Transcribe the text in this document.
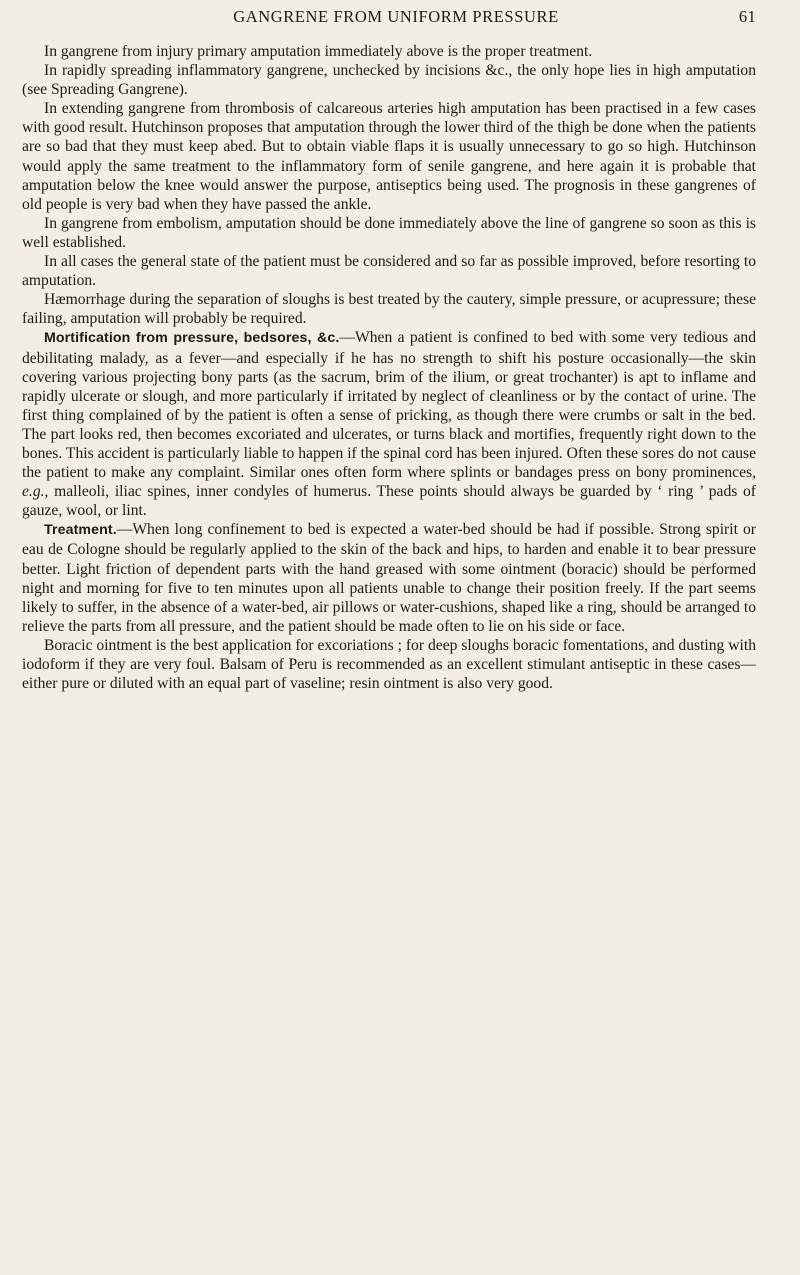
GANGRENE FROM UNIFORM PRESSURE	61

In gangrene from injury primary amputation immediately above is the proper treatment.

In rapidly spreading inflammatory gangrene, unchecked by incisions &c., the only hope lies in high amputation (see Spreading Gangrene).

In extending gangrene from thrombosis of calcareous arteries high amputation has been practised in a few cases with good result. Hutchinson proposes that amputation through the lower third of the thigh be done when the patients are so bad that they must keep abed. But to obtain viable flaps it is usually unnecessary to go so high. Hutchinson would apply the same treatment to the inflammatory form of senile gangrene, and here again it is probable that amputation below the knee would answer the purpose, antiseptics being used. The prognosis in these gangrenes of old people is very bad when they have passed the ankle.

In gangrene from embolism, amputation should be done immediately above the line of gangrene so soon as this is well established.

In all cases the general state of the patient must be considered and so far as possible improved, before resorting to amputation.

Hæmorrhage during the separation of sloughs is best treated by the cautery, simple pressure, or acupressure; these failing, amputation will probably be required.

Mortification from pressure, bedsores, &c.—When a patient is confined to bed with some very tedious and debilitating malady, as a fever—and especially if he has no strength to shift his posture occasionally—the skin covering various projecting bony parts (as the sacrum, brim of the ilium, or great trochanter) is apt to inflame and rapidly ulcerate or slough, and more particularly if irritated by neglect of cleanliness or by the contact of urine. The first thing complained of by the patient is often a sense of pricking, as though there were crumbs or salt in the bed. The part looks red, then becomes excoriated and ulcerates, or turns black and mortifies, frequently right down to the bones. This accident is particularly liable to happen if the spinal cord has been injured. Often these sores do not cause the patient to make any complaint. Similar ones often form where splints or bandages press on bony prominences, e.g., malleoli, iliac spines, inner condyles of humerus. These points should always be guarded by ‘ ring ’ pads of gauze, wool, or lint.

Treatment.—When long confinement to bed is expected a water-bed should be had if possible. Strong spirit or eau de Cologne should be regularly applied to the skin of the back and hips, to harden and enable it to bear pressure better. Light friction of dependent parts with the hand greased with some ointment (boracic) should be performed night and morning for five to ten minutes upon all patients unable to change their position freely. If the part seems likely to suffer, in the absence of a water-bed, air pillows or water-cushions, shaped like a ring, should be arranged to relieve the parts from all pressure, and the patient should be made often to lie on his side or face.

Boracic ointment is the best application for excoriations ; for deep sloughs boracic fomentations, and dusting with iodoform if they are very foul. Balsam of Peru is recommended as an excellent stimulant antiseptic in these cases—either pure or diluted with an equal part of vaseline; resin ointment is also very good.
